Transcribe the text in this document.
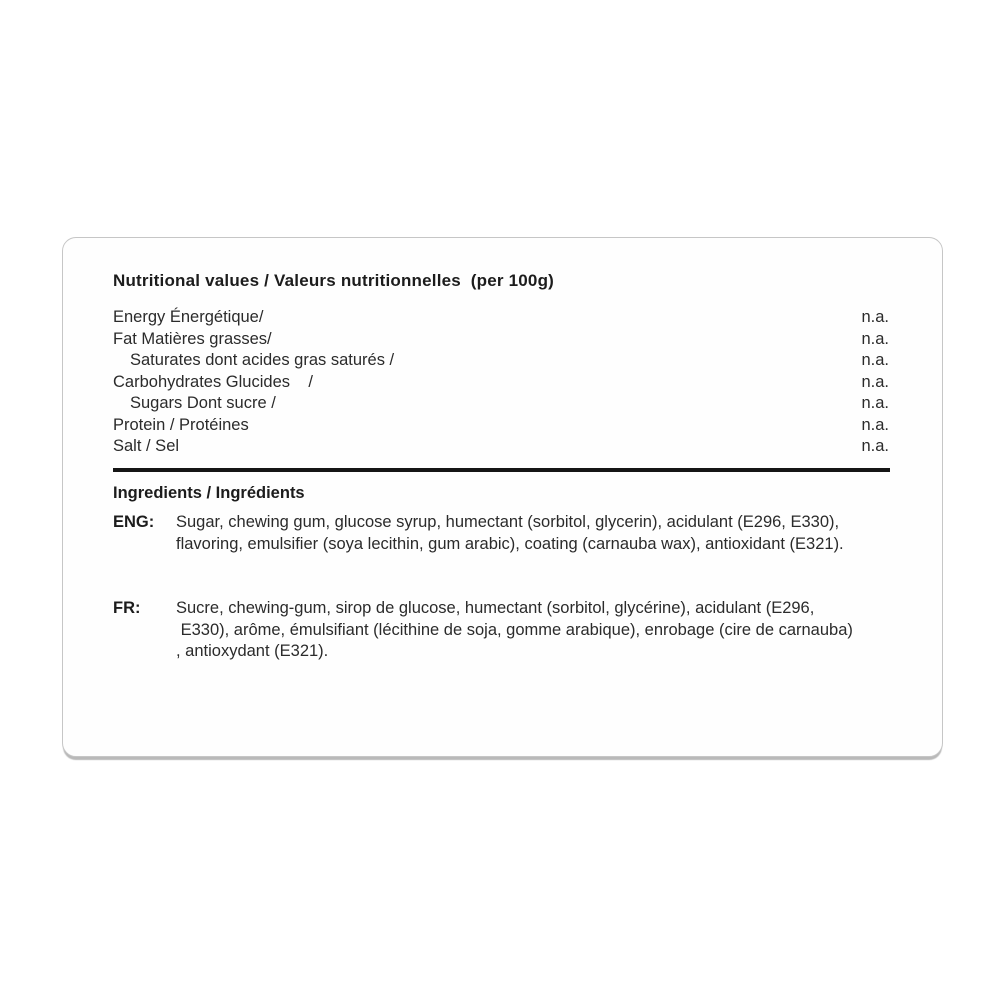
Nutritional values / Valeurs nutritionnelles  (per 100g)
Energy Énergétique/	n.a.
Fat Matières grasses/	n.a.
Saturates dont acides gras saturés /	n.a.
Carbohydrates Glucides    /	n.a.
Sugars Dont sucre /	n.a.
Protein / Protéines	n.a.
Salt / Sel	n.a.
Ingredients / Ingrédients
ENG:	Sugar, chewing gum, glucose syrup, humectant (sorbitol, glycerin), acidulant (E296, E330),
flavoring, emulsifier (soya lecithin, gum arabic), coating (carnauba wax), antioxidant (E321).
FR:	Sucre, chewing-gum, sirop de glucose, humectant (sorbitol, glycérine), acidulant (E296,
E330), arôme, émulsifiant (lécithine de soja, gomme arabique), enrobage (cire de carnauba)
, antioxydant (E321).
